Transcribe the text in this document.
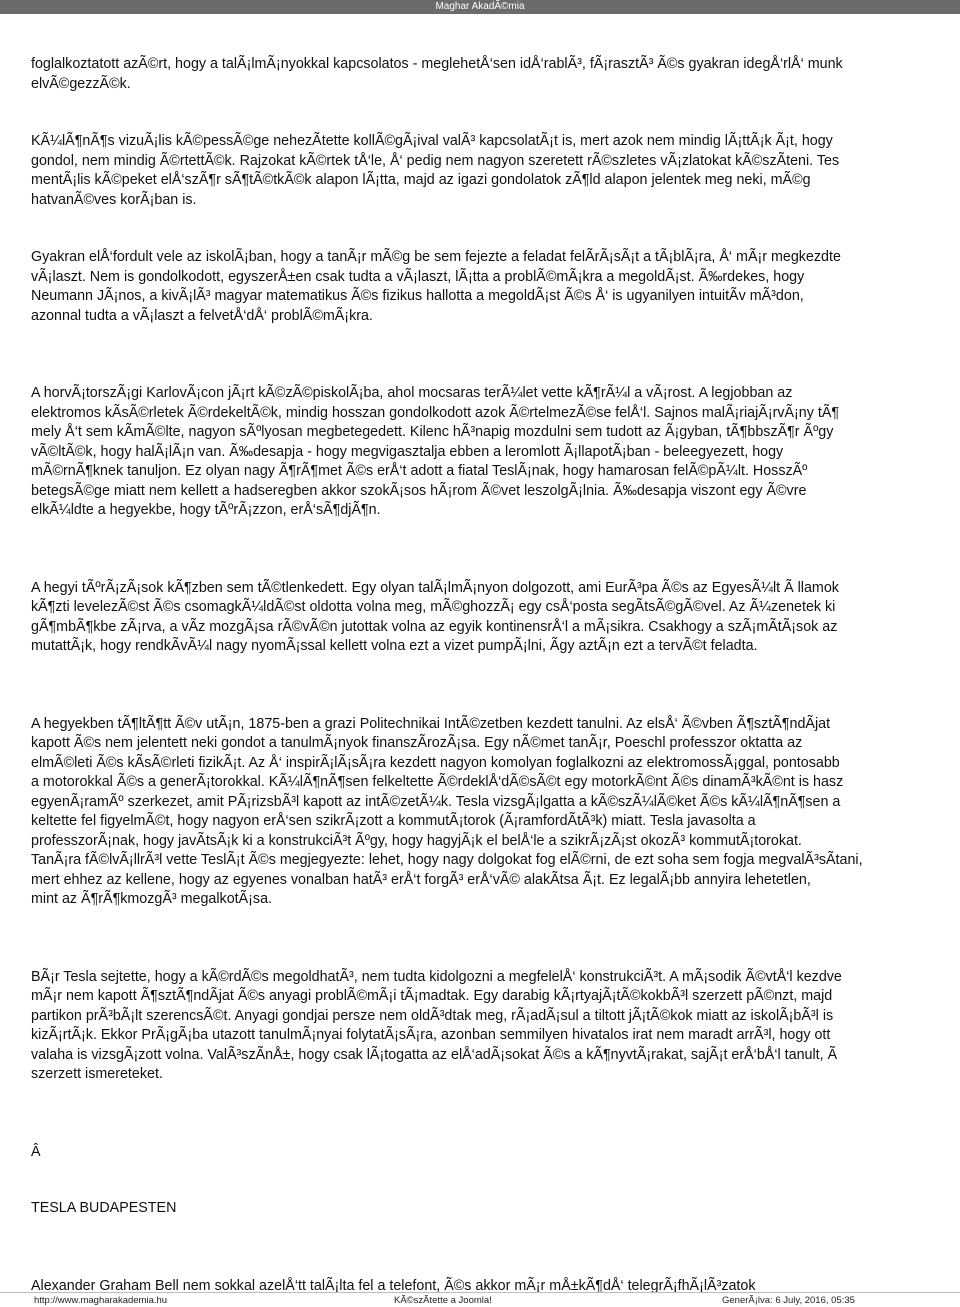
Maghar AkadÃ©mia

foglalkoztatott azÃ©rt, hogy a talÃ¡lmÃ¡nyokkal kapcsolatos - meglehetÅ‘sen idÅ‘rablÃ³, fÃ¡rasztÃ³ Ã©s gyakran idegÅ‘rlÅ‘ munk
elvÃ©gezzÃ©k.

KÃ¼lÃ¶nÃ¶s vizuÃ¡lis kÃ©pessÃ©ge nehezÃtette kollÃ©gÃ¡ival valÃ³ kapcsolatÃ¡t is, mert azok nem mindig lÃ¡ttÃ¡k Ã¡t, hogy
gondol, nem mindig Ã©rtettÃ©k. Rajzokat kÃ©rtek tÅ‘le, Å‘ pedig nem nagyon szeretett rÃ©szletes vÃ¡zlatokat kÃ©szÃteni. Tes
mentÃ¡lis kÃ©peket elÅ‘szÃ¶r sÃ¶tÃ©tkÃ©k alapon lÃ¡tta, majd az igazi gondolatok zÃ¶ld alapon jelentek meg neki, mÃ©g
hatvanÃ©ves korÃ¡ban is.

Gyakran elÅ‘fordult vele az iskolÃ¡ban, hogy a tanÃ¡r mÃ©g be sem fejezte a feladat felÃrÃ¡sÃ¡t a tÃ¡blÃ¡ra, Å‘ mÃ¡r megkezdte
vÃ¡laszt. Nem is gondolkodott, egyszerÅ±en csak tudta a vÃ¡laszt, lÃ¡tta a problÃ©mÃ¡kra a megoldÃ¡st. Ã‰rdekes, hogy
Neumann JÃ¡nos, a kivÃ¡lÃ³ magyar matematikus Ã©s fizikus hallotta a megoldÃ¡st Ã©s Å‘ is ugyanilyen intuitÃv mÃ³don,
azonnal tudta a vÃ¡laszt a felvetÅ‘dÅ‘ problÃ©mÃ¡kra.

A horvÃ¡torszÃ¡gi KarlovÃ¡con jÃ¡rt kÃ©zÃ©piskolÃ¡ba, ahol mocsaras terÃ¼let vette kÃ¶rÃ¼l a vÃ¡rost. A legjobban az
elektromos kÃsÃ©rletek Ã©rdekeltÃ©k, mindig hosszan gondolkodott azok Ã©rtelmezÃ©se felÅ‘l. Sajnos malÃ¡riajÃ¡rvÃ¡ny tÃ¶
mely Å‘t sem kÃmÃ©lte, nagyon sÃºlyosan megbetegedett. Kilenc hÃ³napig mozdulni sem tudott az Ã¡gyban, tÃ¶bbszÃ¶r Ãºgy
vÃ©ltÃ©k, hogy halÃ¡lÃ¡n van. Ã‰desapja - hogy megvigasztalja ebben a leromlott Ã¡llapotÃ¡ban - beleegyezett, hogy
mÃ©rnÃ¶knek tanuljon. Ez olyan nagy Ã¶rÃ¶met Ã©s erÅ‘t adott a fiatal TeslÃ¡nak, hogy hamarosan felÃ©pÃ¼lt. HosszÃº
betegsÃ©ge miatt nem kellett a hadseregben akkor szokÃ¡sos hÃ¡rom Ã©vet leszolgÃ¡lnia. Ã‰desapja viszont egy Ã©vre
elkÃ¼ldte a hegyekbe, hogy tÃºrÃ¡zzon, erÅ‘sÃ¶djÃ¶n.

A hegyi tÃºrÃ¡zÃ¡sok kÃ¶zben sem tÃ©tlenkedett. Egy olyan talÃ¡lmÃ¡nyon dolgozott, ami EurÃ³pa Ã©s az EgyesÃ¼lt Ã llamok
kÃ¶zti levelezÃ©st Ã©s csomagkÃ¼ldÃ©st oldotta volna meg, mÃ©ghozzÃ¡ egy csÅ‘posta segÃtsÃ©gÃ©vel. Az Ã¼zenetek ki
gÃ¶mbÃ¶kbe zÃ¡rva, a vÃz mozgÃ¡sa rÃ©vÃ©n jutottak volna az egyik kontinensrÅ‘l a mÃ¡sikra. Csakhogy a szÃ¡mÃtÃ¡sok az
mutattÃ¡k, hogy rendkÃvÃ¼l nagy nyomÃ¡ssal kellett volna ezt a vizet pumpÃ¡lni, Ãgy aztÃ¡n ezt a tervÃ©t feladta.

A hegyekben tÃ¶ltÃ¶tt Ã©v utÃ¡n, 1875-ben a grazi Politechnikai IntÃ©zetben kezdett tanulni. Az elsÅ‘ Ã©vben Ã¶sztÃ¶ndÃjat
kapott Ã©s nem jelentett neki gondot a tanulmÃ¡nyok finanszÃrozÃ¡sa. Egy nÃ©met tanÃ¡r, Poeschl professzor oktatta az
elmÃ©leti Ã©s kÃsÃ©rleti fizikÃ¡t. Az Å‘ inspirÃ¡lÃ¡sÃ¡ra kezdett nagyon komolyan foglalkozni az elektromossÃ¡ggal, pontosabb
a motorokkal Ã©s a generÃ¡torokkal. KÃ¼lÃ¶nÃ¶sen felkeltette Ã©rdeklÅ‘dÃ©sÃ©t egy motorkÃ©nt Ã©s dinamÃ³kÃ©nt is hasz
egyenÃ¡ramÃº szerkezet, amit PÃ¡rizsbÃ³l kapott az intÃ©zetÃ¼k. Tesla vizsgÃ¡lgatta a kÃ©szÃ¼lÃ©ket Ã©s kÃ¼lÃ¶nÃ¶sen a
keltette fel figyelmÃ©t, hogy nagyon erÅ‘sen szikrÃ¡zott a kommutÃ¡torok (Ã¡ramfordÃtÃ³k) miatt. Tesla javasolta a
professzorÃ¡nak, hogy javÃtsÃ¡k ki a konstrukciÃ³t Ãºgy, hogy hagyjÃ¡k el belÅ‘le a szikrÃ¡zÃ¡st okozÃ³ kommutÃ¡torokat.
TanÃ¡ra fÃ©lvÃ¡llrÃ³l vette TeslÃ¡t Ã©s megjegyezte: lehet, hogy nagy dolgokat fog elÃ©rni, de ezt soha sem fogja megvalÃ³sÃtani,
mert ehhez az kellene, hogy az egyenes vonalban hatÃ³ erÅ‘t forgÃ³ erÅ‘vÃ© alakÃtsa Ã¡t. Ez legalÃ¡bb annyira lehetetlen,
mint az Ã¶rÃ¶kmozgÃ³ megalkotÃ¡sa.

BÃ¡r Tesla sejtette, hogy a kÃ©rdÃ©s megoldhatÃ³, nem tudta kidolgozni a megfelelÅ‘ konstrukciÃ³t. A mÃ¡sodik Ã©vtÅ‘l kezdve
mÃ¡r nem kapott Ã¶sztÃ¶ndÃjat Ã©s anyagi problÃ©mÃ¡i tÃ¡madtak. Egy darabig kÃ¡rtyajÃ¡tÃ©kokbÃ³l szerzett pÃ©nzt, majd
partikon prÃ³bÃ¡lt szerencsÃ©t. Anyagi gondjai persze nem oldÃ³dtak meg, rÃ¡adÃ¡sul a tiltott jÃ¡tÃ©kok miatt az iskolÃ¡bÃ³l is
kizÃ¡rtÃ¡k. Ekkor PrÃ¡gÃ¡ba utazott tanulmÃ¡nyai folytatÃ¡sÃ¡ra, azonban semmilyen hivatalos irat nem maradt arrÃ³l, hogy ott
valaha is vizsgÃ¡zott volna. ValÃ³szÃnÅ±, hogy csak lÃ¡togatta az elÅ‘adÃ¡sokat Ã©s a kÃ¶nyvtÃ¡rakat, sajÃ¡t erÅ‘bÅ‘l tanult, Ã
szerzett ismereteket.

Â

TESLA BUDAPESTEN

Alexander Graham Bell nem sokkal azelÅ‘tt talÃ¡lta fel a telefont, Ã©s akkor mÃ¡r mÅ±kÃ¶dÅ‘ telegrÃ¡fhÃ¡lÃ³zatok

http://www.magharakademia.hu	KÃ©szÃtette a Joomla!	GenerÃ¡lva: 6 July, 2016, 05:35
